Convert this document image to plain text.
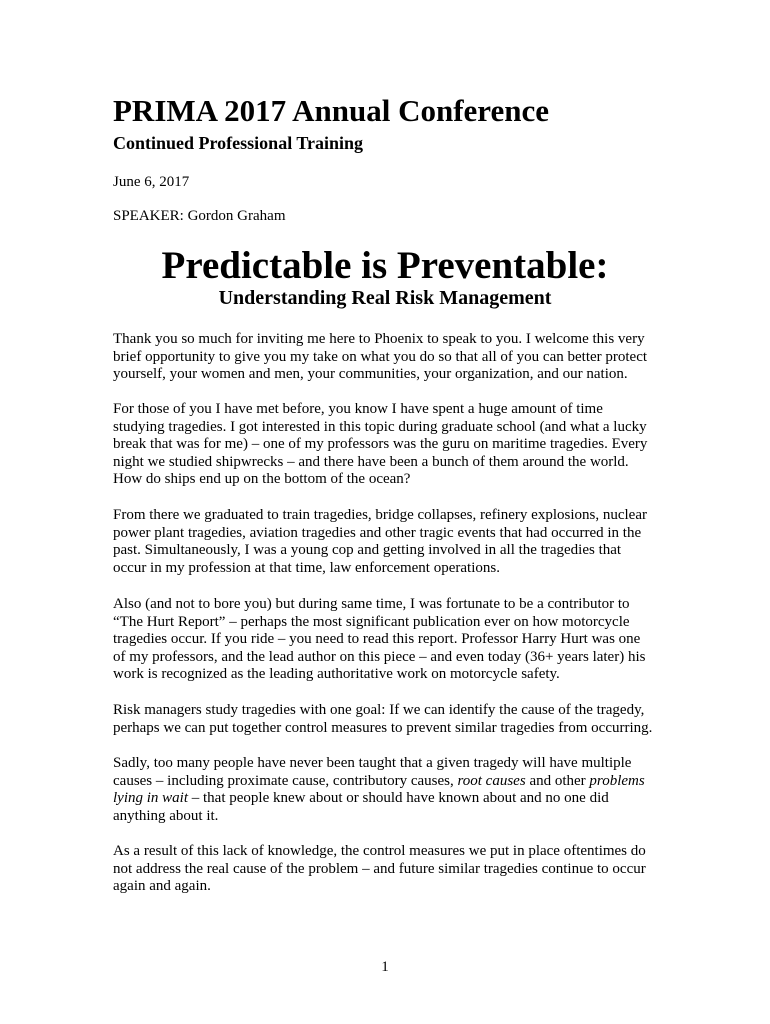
PRIMA 2017 Annual Conference
Continued Professional Training

June 6, 2017

SPEAKER: Gordon Graham

Predictable is Preventable:
Understanding Real Risk Management

Thank you so much for inviting me here to Phoenix to speak to you. I welcome this very
brief opportunity to give you my take on what you do so that all of you can better protect
yourself, your women and men, your communities, your organization, and our nation.

For those of you I have met before, you know I have spent a huge amount of time
studying tragedies. I got interested in this topic during graduate school (and what a lucky
break that was for me) – one of my professors was the guru on maritime tragedies. Every
night we studied shipwrecks – and there have been a bunch of them around the world.
How do ships end up on the bottom of the ocean?

From there we graduated to train tragedies, bridge collapses, refinery explosions, nuclear
power plant tragedies, aviation tragedies and other tragic events that had occurred in the
past. Simultaneously, I was a young cop and getting involved in all the tragedies that
occur in my profession at that time, law enforcement operations.

Also (and not to bore you) but during same time, I was fortunate to be a contributor to
“The Hurt Report” – perhaps the most significant publication ever on how motorcycle
tragedies occur. If you ride – you need to read this report. Professor Harry Hurt was one
of my professors, and the lead author on this piece – and even today (36+ years later) his
work is recognized as the leading authoritative work on motorcycle safety.

Risk managers study tragedies with one goal: If we can identify the cause of the tragedy,
perhaps we can put together control measures to prevent similar tragedies from occurring.

Sadly, too many people have never been taught that a given tragedy will have multiple
causes – including proximate cause, contributory causes, root causes and other problems
lying in wait – that people knew about or should have known about and no one did
anything about it.

As a result of this lack of knowledge, the control measures we put in place oftentimes do
not address the real cause of the problem – and future similar tragedies continue to occur
again and again.

1
